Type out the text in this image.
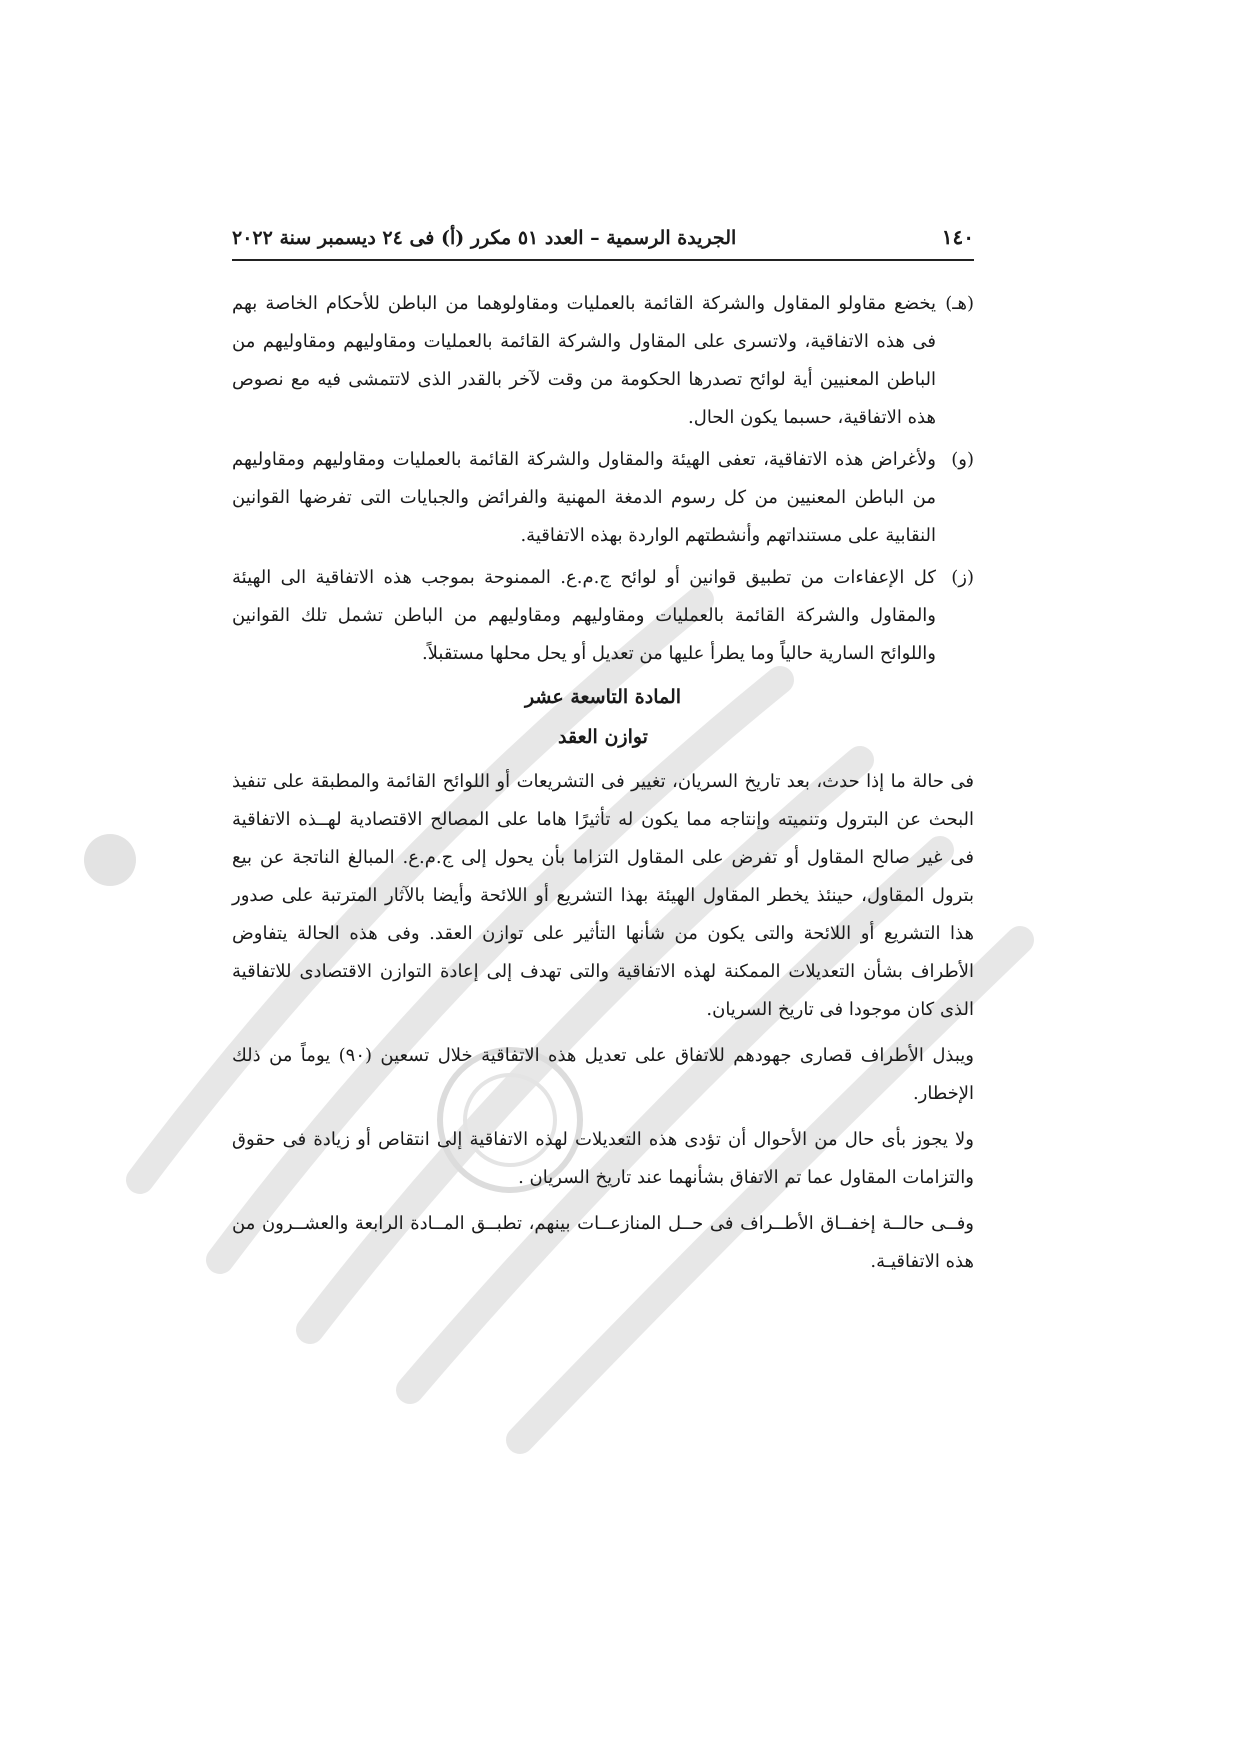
١٤٠
الجريدة الرسمية – العدد ٥١ مكرر (أ) فى ٢٤ ديسمبر سنة ٢٠٢٢
(هـ)
يخضع مقاولو المقاول والشركة القائمة بالعمليات ومقاولوهما من الباطن للأحكام الخاصة بهم فى هذه الاتفاقية، ولاتسرى على المقاول والشركة القائمة بالعمليات ومقاوليهم ومقاوليهم من الباطن المعنيين أية لوائح تصدرها الحكومة من وقت لآخر بالقدر الذى لاتتمشى فيه مع نصوص هذه الاتفاقية، حسبما يكون الحال.
(و)
ولأغراض هذه الاتفاقية، تعفى الهيئة والمقاول والشركة القائمة بالعمليات ومقاوليهم ومقاوليهم من الباطن المعنيين من كل رسوم الدمغة المهنية والفرائض والجبايات التى تفرضها القوانين النقابية على مستنداتهم وأنشطتهم الواردة بهذه الاتفاقية.
(ز)
كل الإعفاءات من تطبيق قوانين أو لوائح ج.م.ع. الممنوحة بموجب هذه الاتفاقية الى الهيئة والمقاول والشركة القائمة بالعمليات ومقاوليهم ومقاوليهم من الباطن تشمل تلك القوانين واللوائح السارية حالياً وما يطرأ عليها من تعديل أو يحل محلها مستقبلاً.
المادة التاسعة عشر
توازن العقد

فى حالة ما إذا حدث، بعد تاريخ السريان، تغيير فى التشريعات أو اللوائح القائمة والمطبقة على تنفيذ البحث عن البترول وتنميته وإنتاجه مما يكون له تأثيرًا هاما على المصالح الاقتصادية لهــذه الاتفاقية فى غير صالح المقاول أو تفرض على المقاول التزاما بأن يحول إلى ج.م.ع. المبالغ الناتجة عن بيع بترول المقاول، حينئذ يخطر المقاول الهيئة بهذا التشريع أو اللائحة وأيضا بالآثار المترتبة على صدور هذا التشريع أو اللائحة والتى يكون من شأنها التأثير على توازن العقد. وفى هذه الحالة يتفاوض الأطراف بشأن التعديلات الممكنة لهذه الاتفاقية والتى تهدف إلى إعادة التوازن الاقتصادى للاتفاقية الذى كان موجودا فى تاريخ السريان.

ويبذل الأطراف قصارى جهودهم للاتفاق على تعديل هذه الاتفاقية خلال تسعين (٩٠) يوماً من ذلك الإخطار.

ولا يجوز بأى حال من الأحوال أن تؤدى هذه التعديلات لهذه الاتفاقية إلى انتقاص أو زيادة فى حقوق والتزامات المقاول عما تم الاتفاق بشأنهما عند تاريخ السريان .

وفــى حالــة إخفــاق الأطــراف فى حــل المنازعــات بينهم، تطبــق المــادة الرابعة والعشــرون من هذه الاتفاقيـة.
